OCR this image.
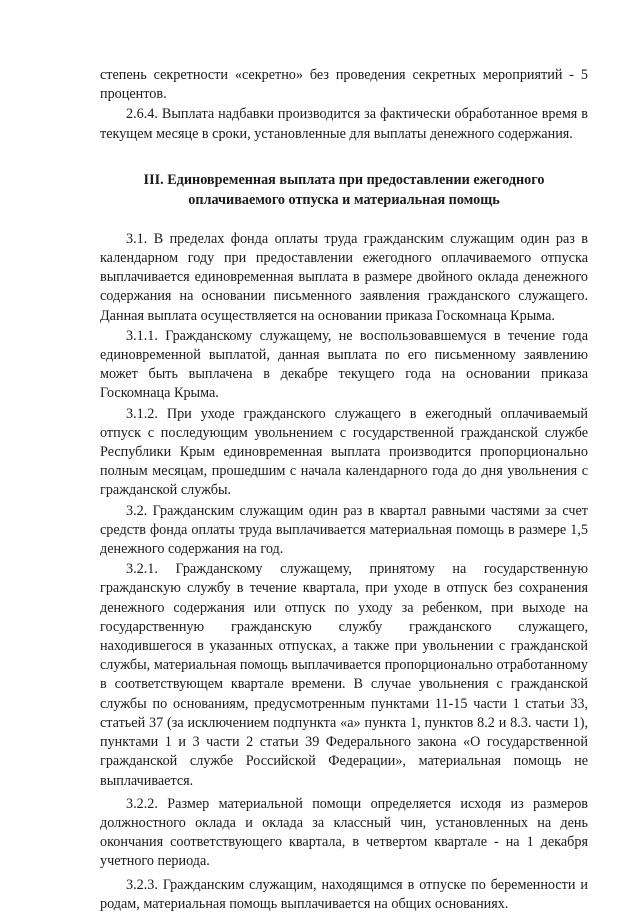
степень секретности «секретно» без проведения секретных мероприятий - 5 процентов.

2.6.4. Выплата надбавки производится за фактически обработанное время в текущем месяце в сроки, установленные для выплаты денежного содержания.

III. Единовременная выплата при предоставлении ежегодного
оплачиваемого отпуска и материальная помощь

3.1. В пределах фонда оплаты труда гражданским служащим один раз в календарном году при предоставлении ежегодного оплачиваемого отпуска выплачивается единовременная выплата в размере двойного оклада денежного содержания на основании письменного заявления гражданского служащего. Данная выплата осуществляется на основании приказа Госкомнаца Крыма.

3.1.1. Гражданскому служащему, не воспользовавшемуся в течение года единовременной выплатой, данная выплата по его письменному заявлению может быть выплачена в декабре текущего года на основании приказа Госкомнаца Крыма.

3.1.2. При уходе гражданского служащего в ежегодный оплачиваемый отпуск с последующим увольнением с государственной гражданской службе Республики Крым единовременная выплата производится пропорционально полным месяцам, прошедшим с начала календарного года до дня увольнения с гражданской службы.

3.2. Гражданским служащим один раз в квартал равными частями за счет средств фонда оплаты труда выплачивается материальная помощь в размере 1,5 денежного содержания на год.

3.2.1. Гражданскому служащему, принятому на государственную гражданскую службу в течение квартала, при уходе в отпуск без сохранения денежного содержания или отпуск по уходу за ребенком, при выходе на государственную гражданскую службу гражданского служащего, находившегося в указанных отпусках, а также при увольнении с гражданской службы, материальная помощь выплачивается пропорционально отработанному в соответствующем квартале времени. В случае увольнения с гражданской службы по основаниям, предусмотренным пунктами 11-15 части 1 статьи 33, статьей 37 (за исключением подпункта «а» пункта 1, пунктов 8.2 и 8.3. части 1), пунктами 1 и 3 части 2 статьи 39 Федерального закона «О государственной гражданской службе Российской Федерации», материальная помощь не выплачивается.

3.2.2. Размер материальной помощи определяется исходя из размеров должностного оклада и оклада за классный чин, установленных на день окончания соответствующего квартала, в четвертом квартале - на 1 декабря учетного периода.

3.2.3. Гражданским служащим, находящимся в отпуске по беременности и родам, материальная помощь выплачивается на общих основаниях.
